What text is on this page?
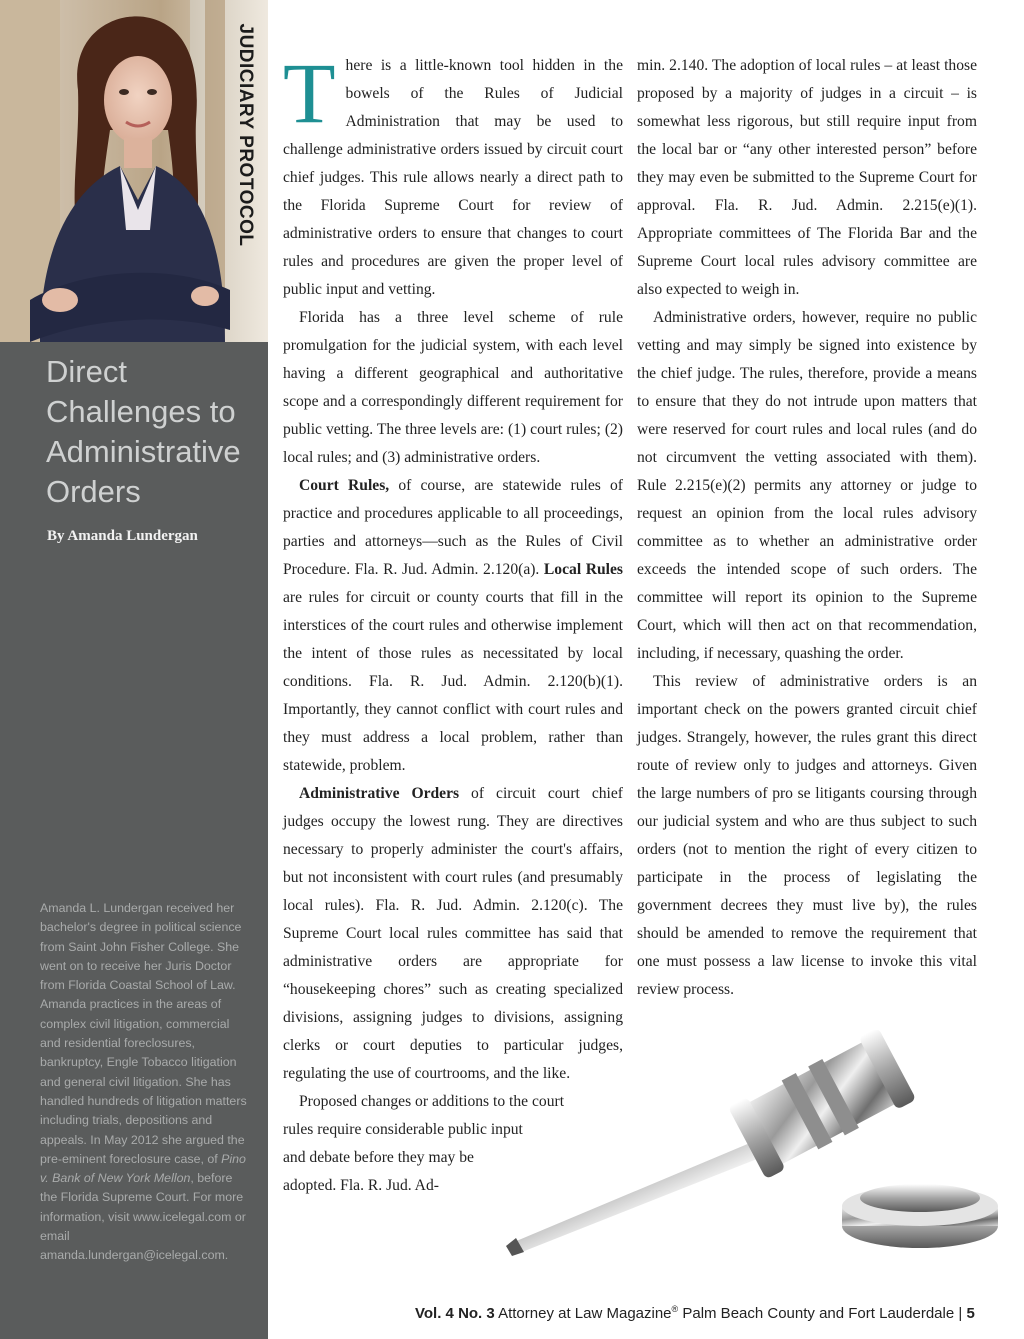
JUDICIARY PROTOCOL
Direct Challenges to Administrative Orders
By Amanda Lundergan
Amanda L. Lundergan received her bachelor's degree in political science from Saint John Fisher College. She went on to receive her Juris Doctor from Florida Coastal School of Law. Amanda practices in the areas of complex civil litigation, commercial and residential foreclosures, bankruptcy, Engle Tobacco litigation and general civil litigation. She has handled hundreds of litigation matters including trials, depositions and appeals. In May 2012 she argued the pre-eminent foreclosure case, of Pino v. Bank of New York Mellon, before the Florida Supreme Court. For more information, visit www.icelegal.com or email amanda.lundergan@icelegal.com.

There is a little-known tool hidden in the bowels of the Rules of Judicial Administration that may be used to challenge administrative orders issued by circuit court chief judges. This rule allows nearly a direct path to the Florida Supreme Court for review of administrative orders to ensure that changes to court rules and procedures are given the proper level of public input and vetting.

Florida has a three level scheme of rule promulgation for the judicial system, with each level having a different geographical and authoritative scope and a correspondingly different requirement for public vetting. The three levels are: (1) court rules; (2) local rules; and (3) administrative orders.

Court Rules, of course, are statewide rules of practice and procedures applicable to all proceedings, parties and attorneys—such as the Rules of Civil Procedure. Fla. R. Jud. Admin. 2.120(a). Local Rules are rules for circuit or county courts that fill in the interstices of the court rules and otherwise implement the intent of those rules as necessitated by local conditions. Fla. R. Jud. Admin. 2.120(b)(1). Importantly, they cannot conflict with court rules and they must address a local problem, rather than statewide, problem.

Administrative Orders of circuit court chief judges occupy the lowest rung. They are directives necessary to properly administer the court's affairs, but not inconsistent with court rules (and presumably local rules). Fla. R. Jud. Admin. 2.120(c). The Supreme Court local rules committee has said that administrative orders are appropriate for “housekeeping chores” such as creating specialized divisions, assigning judges to divisions, assigning clerks or court deputies to particular judges, regulating the use of courtrooms, and the like.

Proposed changes or additions to the court

rules require considerable public input

and debate before they may be

adopted. Fla. R. Jud. Ad-

min. 2.140. The adoption of local rules – at least those proposed by a majority of judges in a circuit – is somewhat less rigorous, but still require input from the local bar or “any other interested person” before they may even be submitted to the Supreme Court for approval. Fla. R. Jud. Admin. 2.215(e)(1). Appropriate committees of The Florida Bar and the Supreme Court local rules advisory committee are also expected to weigh in.

Administrative orders, however, require no public vetting and may simply be signed into existence by the chief judge. The rules, therefore, provide a means to ensure that they do not intrude upon matters that were reserved for court rules and local rules (and do not circumvent the vetting associated with them). Rule 2.215(e)(2) permits any attorney or judge to request an opinion from the local rules advisory committee as to whether an administrative order exceeds the intended scope of such orders. The committee will report its opinion to the Supreme Court, which will then act on that recommendation, including, if necessary, quashing the order.

This review of administrative orders is an important check on the powers granted circuit chief judges. Strangely, however, the rules grant this direct route of review only to judges and attorneys. Given the large numbers of pro se litigants coursing through our judicial system and who are thus subject to such orders (not to mention the right of every citizen to participate in the process of legislating the government decrees they must live by), the rules should be amended to remove the requirement that one must possess a law license to invoke this vital review process.

Vol. 4 No. 3 Attorney at Law Magazine® Palm Beach County and Fort Lauderdale | 5
